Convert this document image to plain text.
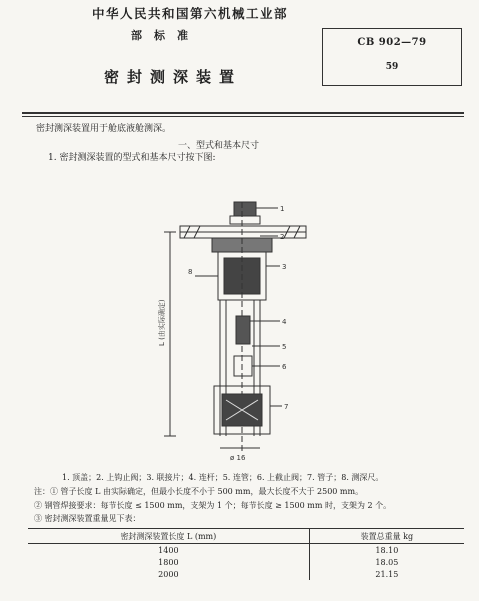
中华人民共和国第六机械工业部
部标准
CB 902—79
59
密封测深装置
密封测深装置用于舱底液舱测深。
一、型式和基本尺寸
1. 密封测深装置的型式和基本尺寸按下图:
1
2
3
4
5
6
7
8
L (由实际确定)
ø 16
1. 顶盖；2. 上钩止阀；3. 联接片；4. 连杆；5. 连管；6. 上截止阀；7. 管子；8. 测深尺。
注：① 管子长度 L 由实际确定，但最小长度不小于 500 mm，最大长度不大于 2500 mm。
② 钢管焊接要求：每节长度 ≤ 1500 mm，支架为 1 个；每节长度 ≥ 1500 mm 时，支架为 2 个。
③ 密封测深装置重量见下表：
密封测深装置长度 L (mm)	装置总重量 kg
1400	18.10
1800	18.05
2000	21.15
